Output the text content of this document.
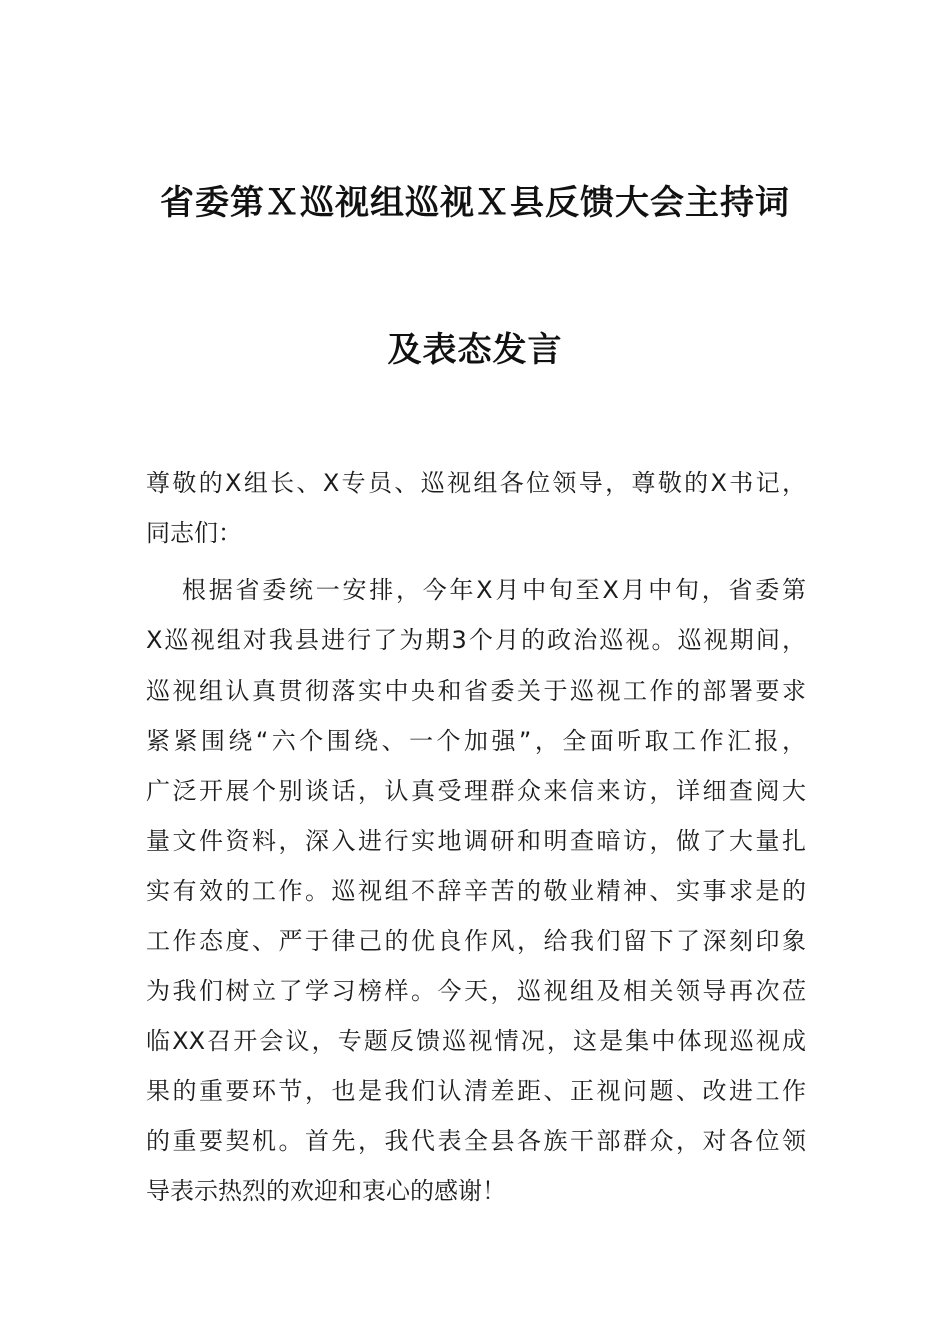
省委第Ｘ巡视组巡视Ｘ县反馈大会主持词
及表态发言
尊敬的X组长、X专员、巡视组各位领导，尊敬的X书记，
同志们：
根据省委统一安排，今年X月中旬至X月中旬，省委第
X巡视组对我县进行了为期3个月的政治巡视。巡视期间，
巡视组认真贯彻落实中央和省委关于巡视工作的部署要求
紧紧围绕“六个围绕、一个加强”，全面听取工作汇报，
广泛开展个别谈话，认真受理群众来信来访，详细查阅大
量文件资料，深入进行实地调研和明查暗访，做了大量扎
实有效的工作。巡视组不辞辛苦的敬业精神、实事求是的
工作态度、严于律己的优良作风，给我们留下了深刻印象
为我们树立了学习榜样。今天，巡视组及相关领导再次莅
临XX召开会议，专题反馈巡视情况，这是集中体现巡视成
果的重要环节，也是我们认清差距、正视问题、改进工作
的重要契机。首先，我代表全县各族干部群众，对各位领
导表示热烈的欢迎和衷心的感谢！
